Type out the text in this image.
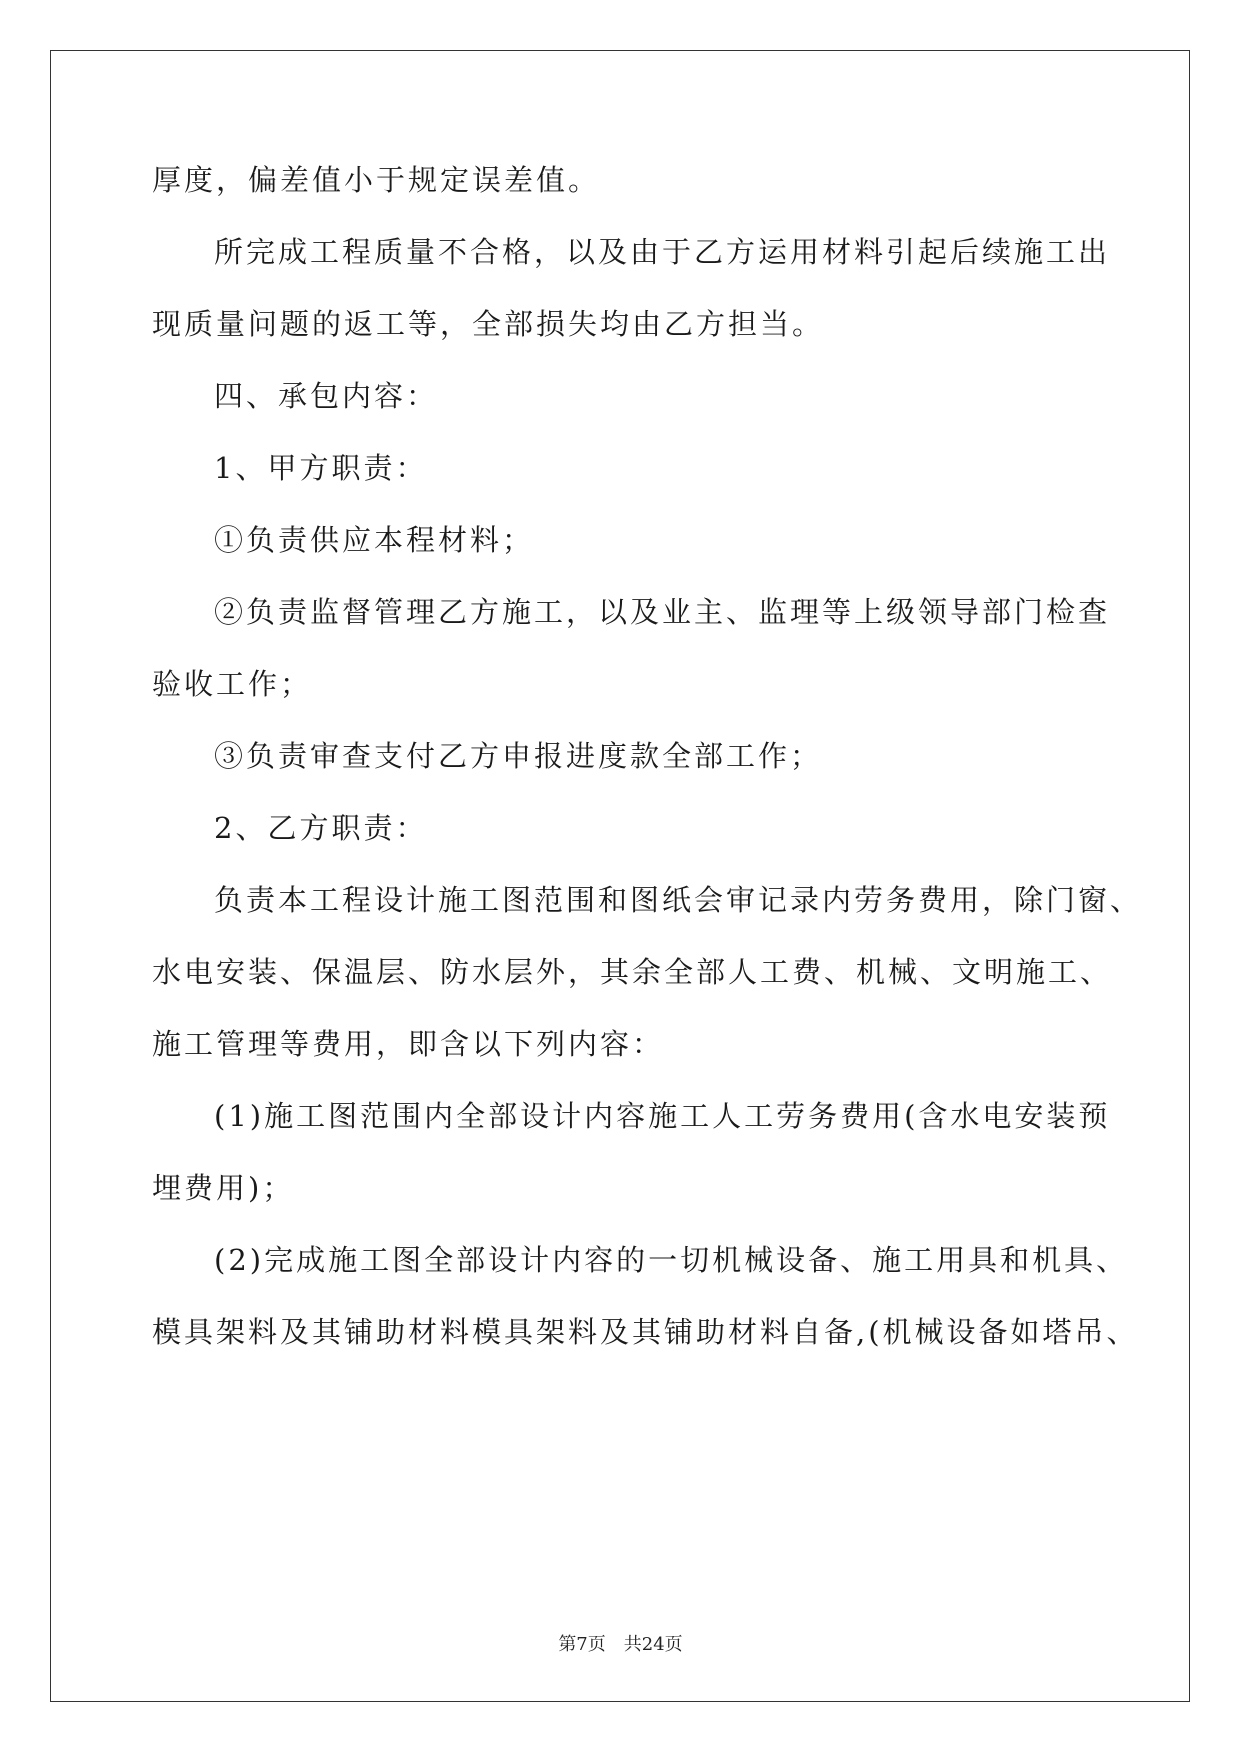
厚度，偏差值小于规定误差值。
所完成工程质量不合格，以及由于乙方运用材料引起后续施工出
现质量问题的返工等，全部损失均由乙方担当。
四、承包内容：
1、甲方职责：
①负责供应本程材料；
②负责监督管理乙方施工，以及业主、监理等上级领导部门检查
验收工作；
③负责审查支付乙方申报进度款全部工作；
2、乙方职责：
负责本工程设计施工图范围和图纸会审记录内劳务费用，除门窗、
水电安装、保温层、防水层外，其余全部人工费、机械、文明施工、
施工管理等费用，即含以下列内容：
(1)施工图范围内全部设计内容施工人工劳务费用(含水电安装预
埋费用)；
(2)完成施工图全部设计内容的一切机械设备、施工用具和机具、
模具架料及其铺助材料模具架料及其铺助材料自备,(机械设备如塔吊、
第7页　共24页
